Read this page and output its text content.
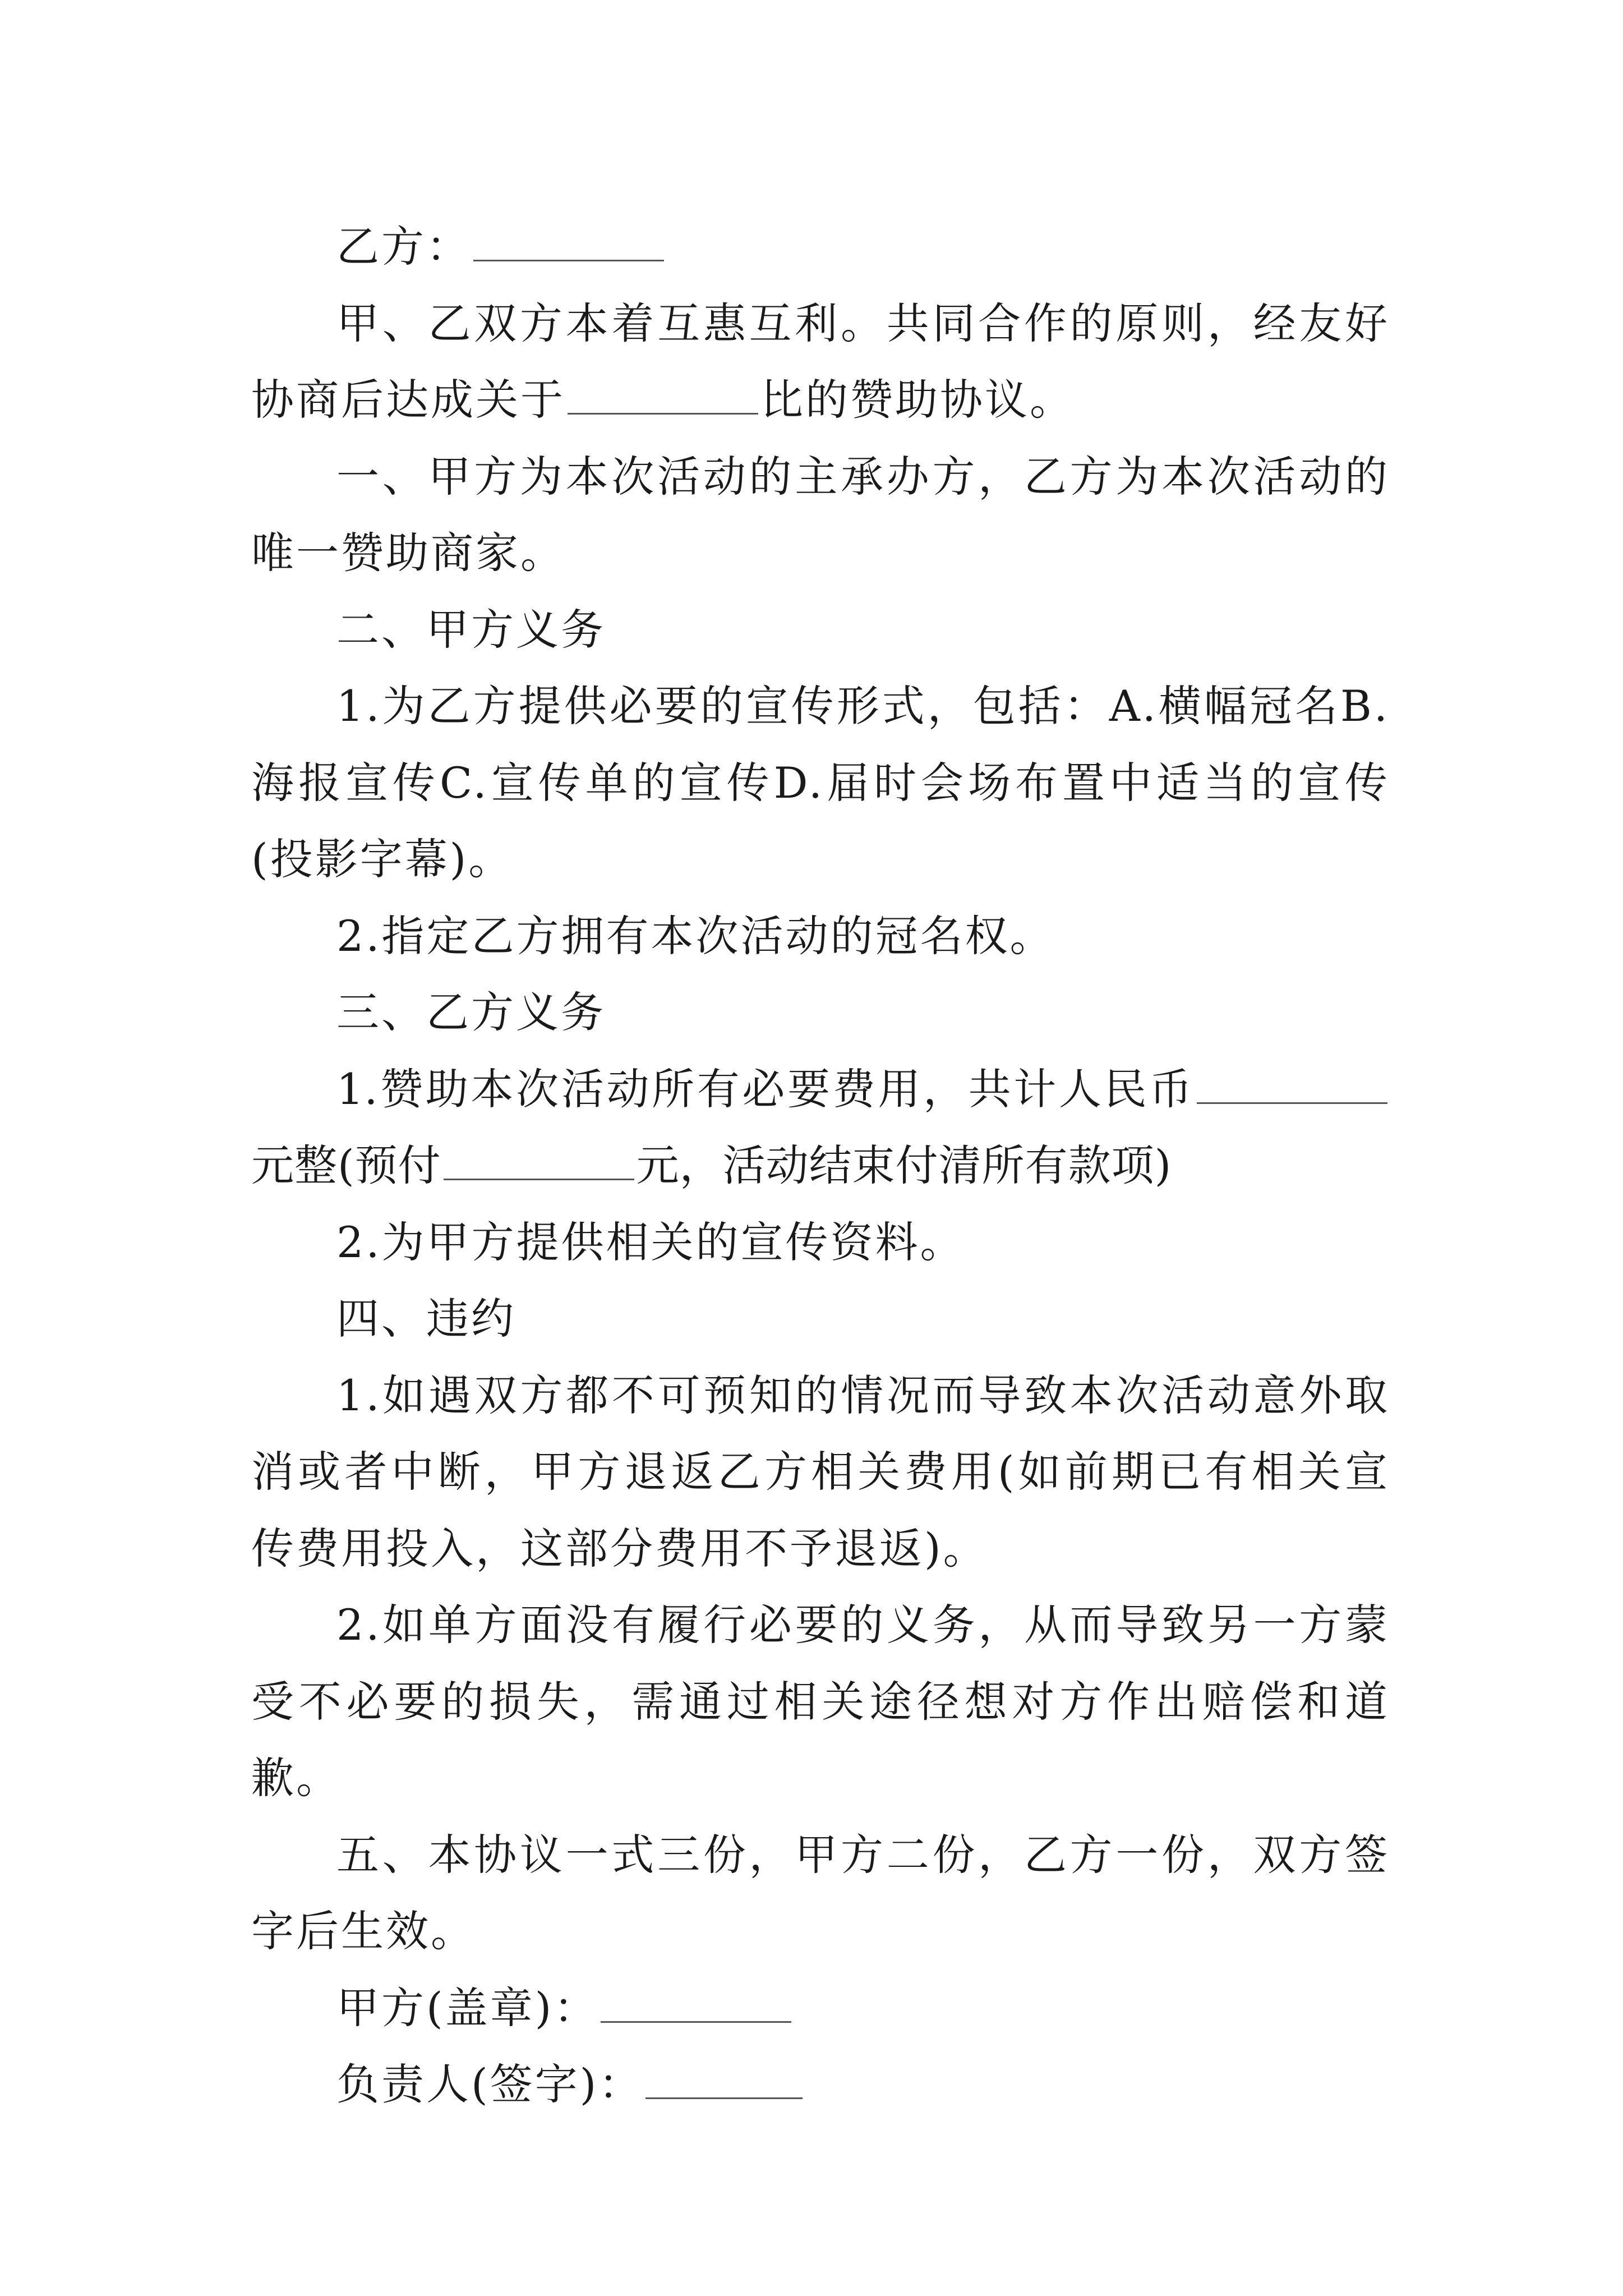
乙方：

甲、乙双方本着互惠互利。共同合作的原则，经友好协商后达成关于	比的赞助协议。

一、甲方为本次活动的主承办方，乙方为本次活动的唯一赞助商家。

二、甲方义务

1.为乙方提供必要的宣传形式，包括：A.横幅冠名B.海报宣传C.宣传单的宣传D.届时会场布置中适当的宣传(投影字幕)。

2.指定乙方拥有本次活动的冠名权。

三、乙方义务

1.赞助本次活动所有必要费用，共计人民币元整(预付	元，活动结束付清所有款项)

2.为甲方提供相关的宣传资料。

四、违约

1.如遇双方都不可预知的情况而导致本次活动意外取消或者中断，甲方退返乙方相关费用(如前期已有相关宣传费用投入，这部分费用不予退返)。

2.如单方面没有履行必要的义务，从而导致另一方蒙受不必要的损失，需通过相关途径想对方作出赔偿和道歉。

五、本协议一式三份，甲方二份，乙方一份，双方签字后生效。

甲方(盖章)：

负责人(签字)：
